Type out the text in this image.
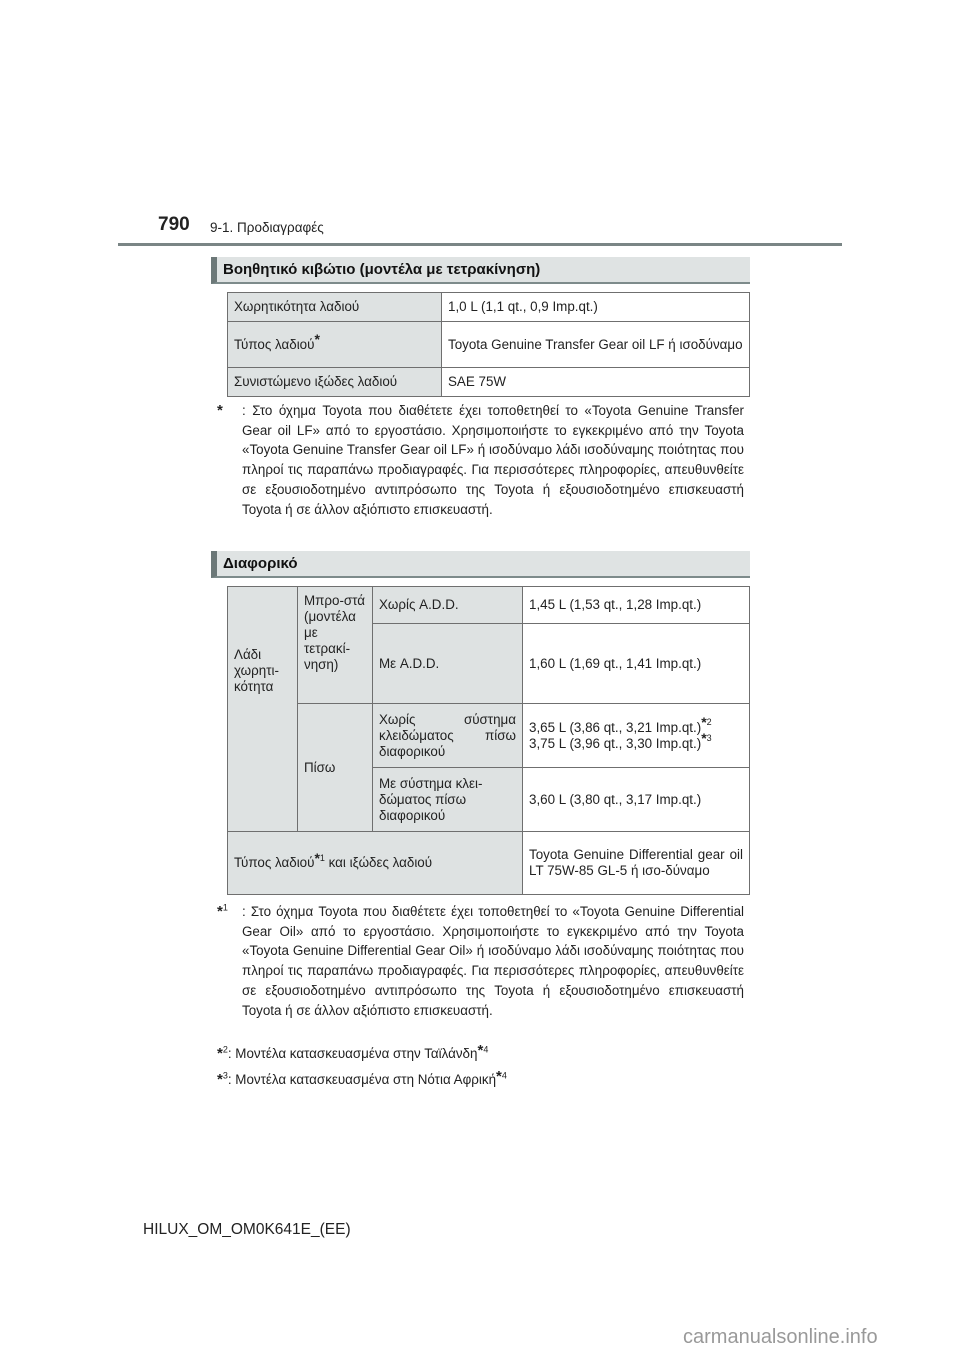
790 9-1. Προδιαγραφές
Βοηθητικό κιβώτιο (μοντέλα με τετρακίνηση)
Χωρητικότητα λαδιού	1,0 L (1,1 qt., 0,9 Imp.qt.)
Τύπος λαδιού*	Toyota Genuine Transfer Gear oil LF ή ισοδύναμο
Συνιστώμενο ιξώδες λαδιού	SAE 75W
* : Στο όχημα Toyota που διαθέτετε έχει τοποθετηθεί το «Toyota Genuine Transfer Gear oil LF» από το εργοστάσιο. Χρησιμοποιήστε το εγκεκριμένο από την Toyota «Toyota Genuine Transfer Gear oil LF» ή ισοδύναμο λάδι ισοδύναμης ποιότητας που πληροί τις παραπάνω προδιαγραφές. Για περισσότερες πληροφορίες, απευθυνθείτε σε εξουσιοδοτημένο αντιπρόσωπο της Toyota ή εξουσιοδοτημένο επισκευαστή Toyota ή σε άλλον αξιόπιστο επισκευαστή.
Διαφορικό
Λάδι χωρητι-κότητα	Μπρο-στά (μοντέλα με τετρακί-νηση)	Χωρίς A.D.D.	1,45 L (1,53 qt., 1,28 Imp.qt.)
		Με A.D.D.	1,60 L (1,69 qt., 1,41 Imp.qt.)
	Πίσω	Χωρίς σύστημα κλειδώματος πίσω διαφορικού	3,65 L (3,86 qt., 3,21 Imp.qt.)$^{*2}$
3,75 L (3,96 qt., 3,30 Imp.qt.)$^{*3}$

		Με σύστημα κλει-δώματος πίσω διαφορικού	3,60 L (3,80 qt., 3,17 Imp.qt.)
Τύπος λαδιού$^{*1}$ και ιξώδες λαδιού			Toyota Genuine Differential gear oil LT 75W-85 GL-5 ή ισο-δύναμο
*$^1$ : Στο όχημα Toyota που διαθέτετε έχει τοποθετηθεί το «Toyota Genuine Differential Gear Oil» από το εργοστάσιο. Χρησιμοποιήστε το εγκεκριμένο από την Toyota «Toyota Genuine Differential Gear Oil» ή ισοδύναμο λάδι ισοδύναμης ποιότητας που πληροί τις παραπάνω προδιαγραφές. Για περισσότερες πληροφορίες, απευθυνθείτε σε εξουσιοδοτημένο αντιπρόσωπο της Toyota ή εξουσιοδοτημένο επισκευαστή Toyota ή σε άλλον αξιόπιστο επισκευαστή.
*$^2$: Μοντέλα κατασκευασμένα στην Ταϊλάνδη*$^4$
*$^3$: Μοντέλα κατασκευασμένα στη Νότια Αφρική*$^4$
HILUX_OM_OM0K641E_(EE)
carmanualsonline.info
